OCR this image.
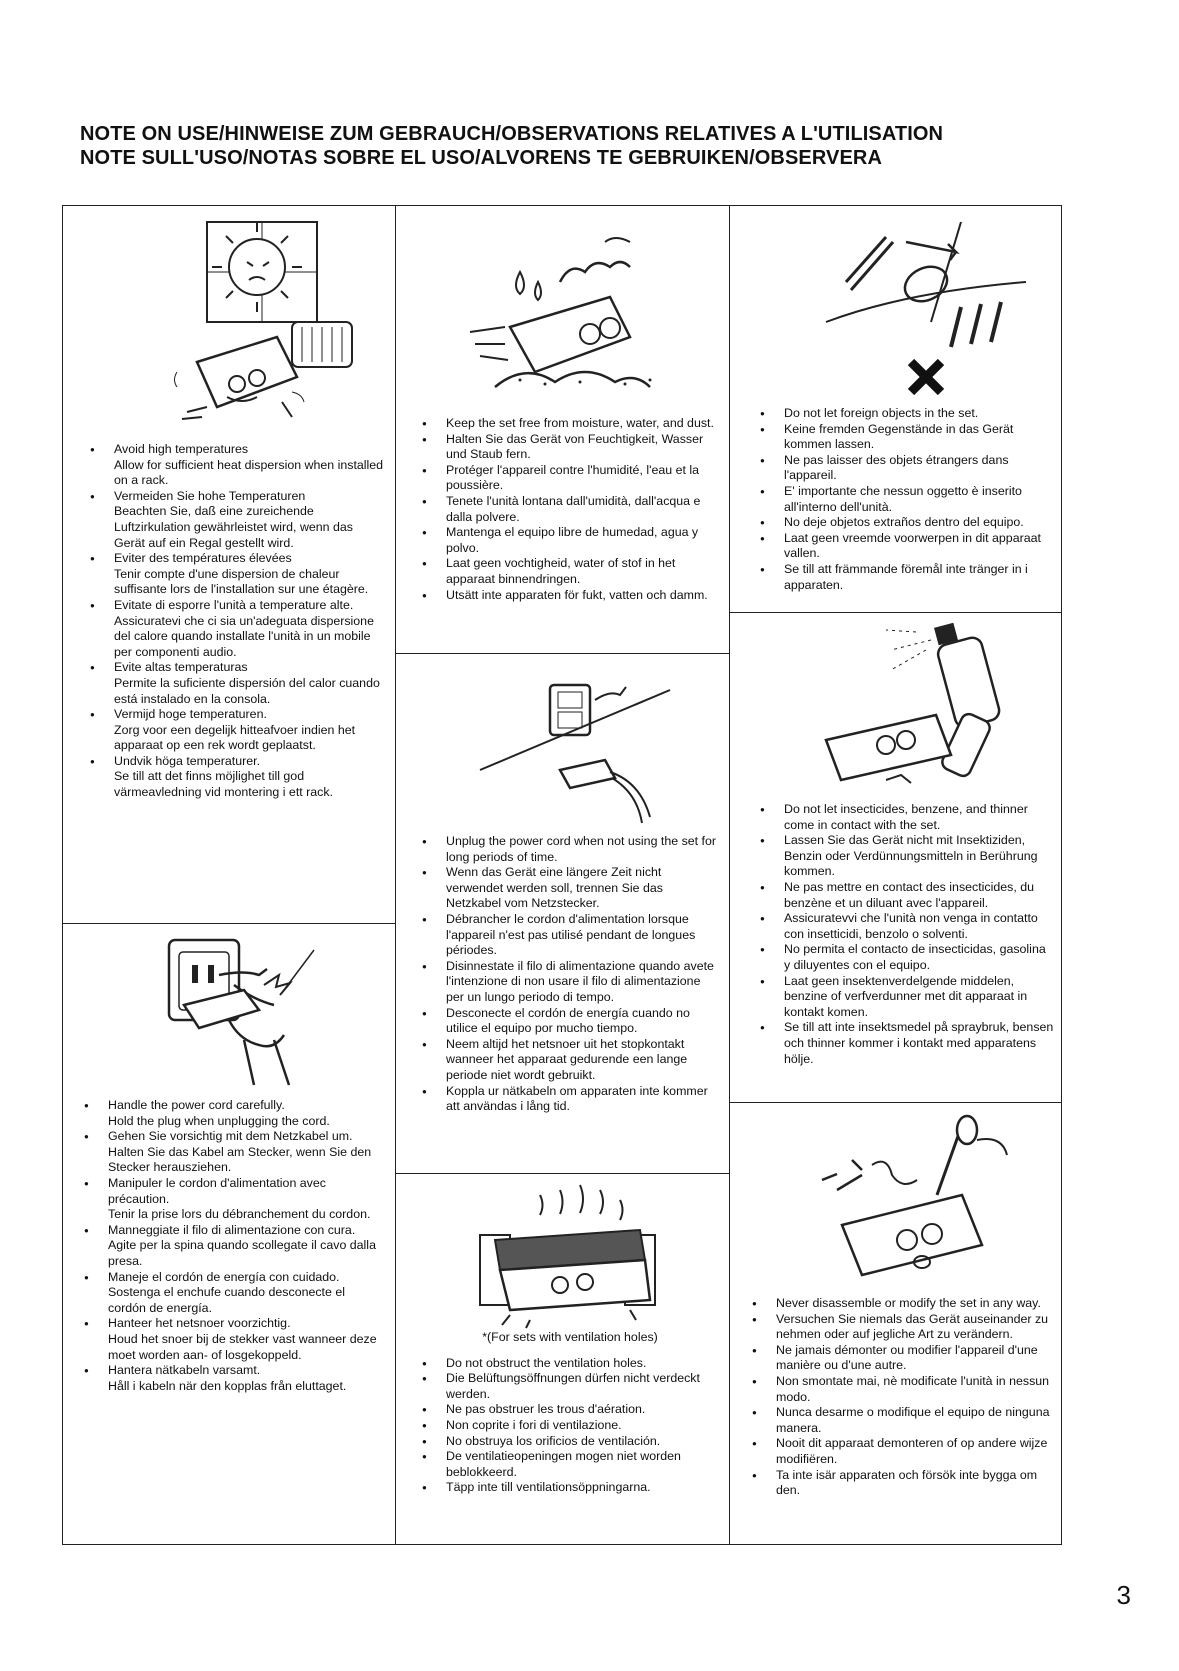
NOTE ON USE/HINWEISE ZUM GEBRAUCH/OBSERVATIONS RELATIVES A L'UTILISATION
NOTE SULL'USO/NOTAS SOBRE EL USO/ALVORENS TE GEBRUIKEN/OBSERVERA
● Avoid high temperatures
Allow for sufficient heat dispersion when installed on a rack.
● Vermeiden Sie hohe Temperaturen
Beachten Sie, daß eine zureichende Luftzirkulation gewährleistet wird, wenn das Gerät auf ein Regal gestellt wird.
● Eviter des températures élevées
Tenir compte d'une dispersion de chaleur suffisante lors de l'installation sur une étagère.
● Evitate di esporre l'unità a temperature alte.
Assicuratevi che ci sia un'adeguata dispersione del calore quando installate l'unità in un mobile per componenti audio.
● Evite altas temperaturas
Permite la suficiente dispersión del calor cuando está instalado en la consola.
● Vermijd hoge temperaturen.
Zorg voor een degelijk hitteafvoer indien het apparaat op een rek wordt geplaatst.
● Undvik höga temperaturer.
Se till att det finns möjlighet till god värmeavledning vid montering i ett rack.
● Handle the power cord carefully.
Hold the plug when unplugging the cord.
● Gehen Sie vorsichtig mit dem Netzkabel um.
Halten Sie das Kabel am Stecker, wenn Sie den Stecker herausziehen.
● Manipuler le cordon d'alimentation avec précaution.
Tenir la prise lors du débranchement du cordon.
● Manneggiate il filo di alimentazione con cura.
Agite per la spina quando scollegate il cavo dalla presa.
● Maneje el cordón de energía con cuidado.
Sostenga el enchufe cuando desconecte el cordón de energía.
● Hanteer het netsnoer voorzichtig.
Houd het snoer bij de stekker vast wanneer deze moet worden aan- of losgekoppeld.
● Hantera nätkabeln varsamt.
Håll i kabeln när den kopplas från eluttaget.
● Keep the set free from moisture, water, and dust.
● Halten Sie das Gerät von Feuchtigkeit, Wasser und Staub fern.
● Protéger l'appareil contre l'humidité, l'eau et la poussière.
● Tenete l'unità lontana dall'umidità, dall'acqua e dalla polvere.
● Mantenga el equipo libre de humedad, agua y polvo.
● Laat geen vochtigheid, water of stof in het apparaat binnendringen.
● Utsätt inte apparaten för fukt, vatten och damm.
● Unplug the power cord when not using the set for long periods of time.
● Wenn das Gerät eine längere Zeit nicht verwendet werden soll, trennen Sie das Netzkabel vom Netzstecker.
● Débrancher le cordon d'alimentation lorsque l'appareil n'est pas utilisé pendant de longues périodes.
● Disinnestate il filo di alimentazione quando avete l'intenzione di non usare il filo di alimentazione per un lungo periodo di tempo.
● Desconecte el cordón de energía cuando no utilice el equipo por mucho tiempo.
● Neem altijd het netsnoer uit het stopkontakt wanneer het apparaat gedurende een lange periode niet wordt gebruikt.
● Koppla ur nätkabeln om apparaten inte kommer att användas i lång tid.

*(For sets with ventilation holes)

● Do not obstruct the ventilation holes.
● Die Belüftungsöffnungen dürfen nicht verdeckt werden.
● Ne pas obstruer les trous d'aération.
● Non coprite i fori di ventilazione.
● No obstruya los orificios de ventilación.
● De ventilatieopeningen mogen niet worden beblokkeerd.
● Täpp inte till ventilationsöppningarna.
● Do not let foreign objects in the set.
● Keine fremden Gegenstände in das Gerät kommen lassen.
● Ne pas laisser des objets étrangers dans l'appareil.
● E' importante che nessun oggetto è inserito all'interno dell'unità.
● No deje objetos extraños dentro del equipo.
● Laat geen vreemde voorwerpen in dit apparaat vallen.
● Se till att främmande föremål inte tränger in i apparaten.
● Do not let insecticides, benzene, and thinner come in contact with the set.
● Lassen Sie das Gerät nicht mit Insektiziden, Benzin oder Verdünnungsmitteln in Berührung kommen.
● Ne pas mettre en contact des insecticides, du benzène et un diluant avec l'appareil.
● Assicuratevvi che l'unità non venga in contatto con insetticidi, benzolo o solventi.
● No permita el contacto de insecticidas, gasolina y diluyentes con el equipo.
● Laat geen insektenverdelgende middelen, benzine of verfverdunner met dit apparaat in kontakt komen.
● Se till att inte insektsmedel på spraybruk, bensen och thinner kommer i kontakt med apparatens hölje.
● Never disassemble or modify the set in any way.
● Versuchen Sie niemals das Gerät auseinander zu nehmen oder auf jegliche Art zu verändern.
● Ne jamais démonter ou modifier l'appareil d'une manière ou d'une autre.
● Non smontate mai, nè modificate l'unità in nessun modo.
● Nunca desarme o modifique el equipo de ninguna manera.
● Nooit dit apparaat demonteren of op andere wijze modifiëren.
● Ta inte isär apparaten och försök inte bygga om den.
3
